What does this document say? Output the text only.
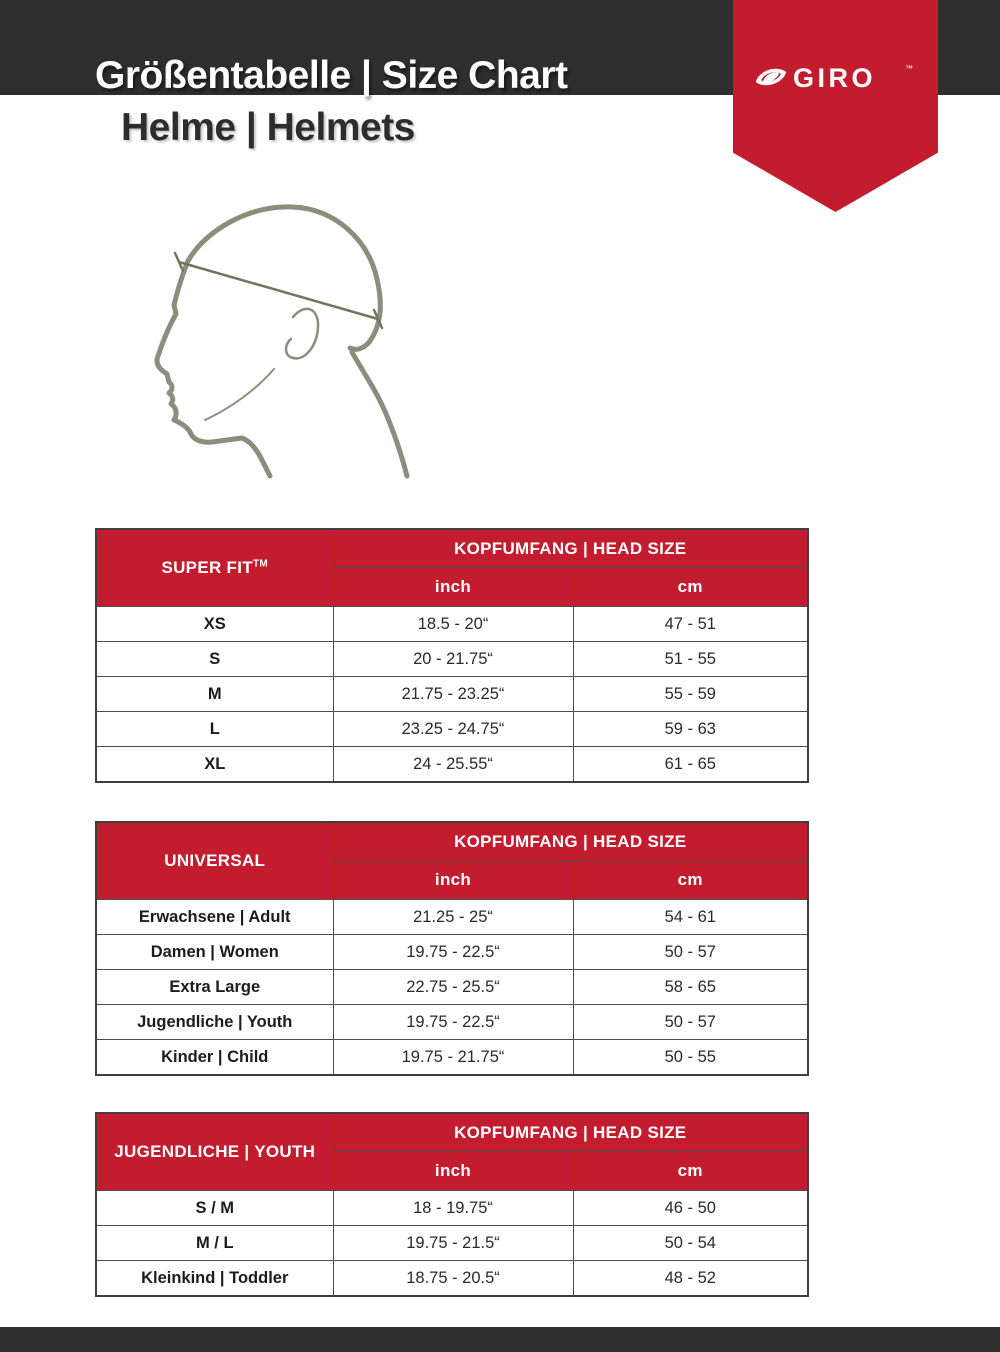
Größentabelle | Size Chart
Helme | Helmets
GIRO	™
SUPER FIT™	KOPFUMFANG | HEAD SIZE	
	inch	cm
XS	18.5 - 20“	47 - 51
S	20 - 21.75“	51 - 55
M	21.75 - 23.25“	55 - 59
L	23.25 - 24.75“	59 - 63
XL	24 - 25.55“	61 - 65
UNIVERSAL	KOPFUMFANG | HEAD SIZE	
	inch	cm
Erwachsene | Adult	21.25 - 25“	54 - 61
Damen | Women	19.75 - 22.5“	50 - 57
Extra Large	22.75 - 25.5“	58 - 65
Jugendliche | Youth	19.75 - 22.5“	50 - 57
Kinder | Child	19.75 - 21.75“	50 - 55
JUGENDLICHE | YOUTH	KOPFUMFANG | HEAD SIZE	
	inch	cm
S / M	18 - 19.75“	46 - 50
M / L	19.75 - 21.5“	50 - 54
Kleinkind | Toddler	18.75 - 20.5“	48 - 52
